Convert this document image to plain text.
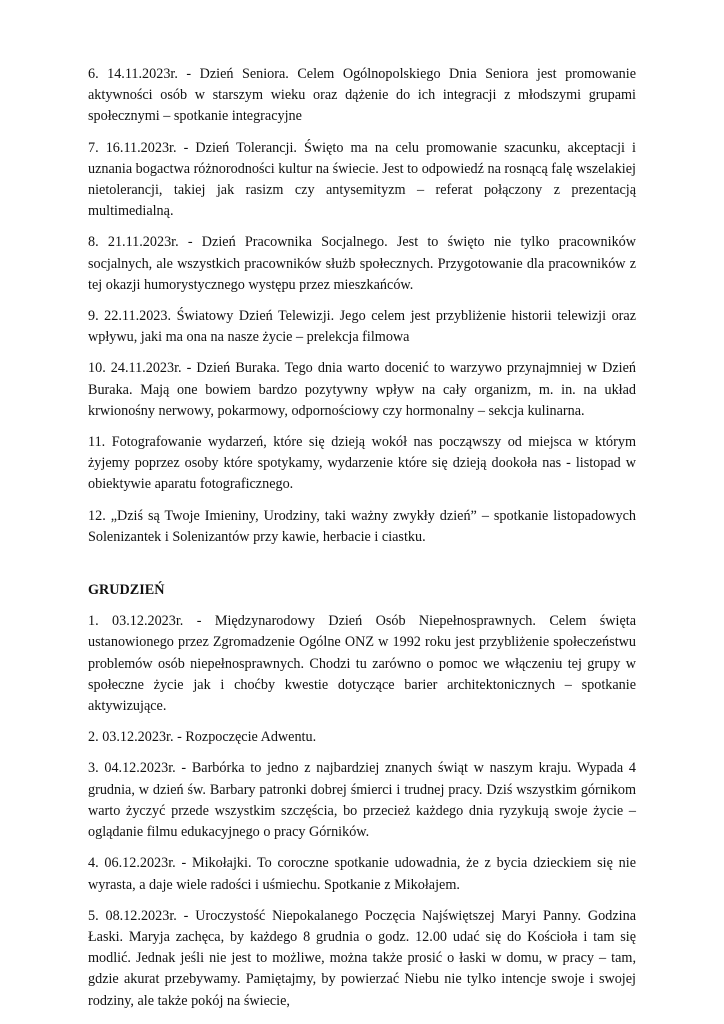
6. 14.11.2023r. - Dzień Seniora. Celem Ogólnopolskiego Dnia Seniora jest promowanie aktywności osób w starszym wieku oraz dążenie do ich integracji z młodszymi grupami społecznymi – spotkanie integracyjne

7. 16.11.2023r. - Dzień Tolerancji. Święto ma na celu promowanie szacunku, akceptacji i uznania bogactwa różnorodności kultur na świecie. Jest to odpowiedź na rosnącą falę wszelakiej nietolerancji, takiej jak rasizm czy antysemityzm – referat połączony z prezentacją multimedialną.

8. 21.11.2023r. - Dzień Pracownika Socjalnego. Jest to święto nie tylko pracowników socjalnych, ale wszystkich pracowników służb społecznych. Przygotowanie dla pracowników z tej okazji humorystycznego występu przez mieszkańców.

9. 22.11.2023. Światowy Dzień Telewizji. Jego celem jest przybliżenie historii telewizji oraz wpływu, jaki ma ona na nasze życie – prelekcja filmowa

10. 24.11.2023r. - Dzień Buraka. Tego dnia warto docenić to warzywo przynajmniej w Dzień Buraka. Mają one bowiem bardzo pozytywny wpływ na cały organizm, m. in. na układ krwionośny nerwowy, pokarmowy, odpornościowy czy hormonalny – sekcja kulinarna.

11. Fotografowanie wydarzeń, które się dzieją wokół nas począwszy od miejsca w którym żyjemy poprzez osoby które spotykamy, wydarzenie które się dzieją dookoła nas - listopad w obiektywie aparatu fotograficznego.

12. „Dziś są Twoje Imieniny, Urodziny, taki ważny zwykły dzień” – spotkanie listopadowych Solenizantek i Solenizantów przy kawie, herbacie i ciastku.

GRUDZIEŃ

1. 03.12.2023r. - Międzynarodowy Dzień Osób Niepełnosprawnych. Celem święta ustanowionego przez Zgromadzenie Ogólne ONZ w 1992 roku jest przybliżenie społeczeństwu problemów osób niepełnosprawnych. Chodzi tu zarówno o pomoc we włączeniu tej grupy w społeczne życie jak i choćby kwestie dotyczące barier architektonicznych – spotkanie aktywizujące.

2. 03.12.2023r. - Rozpoczęcie Adwentu.

3. 04.12.2023r. - Barbórka to jedno z najbardziej znanych świąt w naszym kraju. Wypada 4 grudnia, w dzień św. Barbary patronki dobrej śmierci i trudnej pracy. Dziś wszystkim górnikom warto życzyć przede wszystkim szczęścia, bo przecież każdego dnia ryzykują swoje życie – oglądanie filmu edukacyjnego o pracy Górników.

4. 06.12.2023r. - Mikołajki. To coroczne spotkanie udowadnia, że z bycia dzieckiem się nie wyrasta, a daje wiele radości i uśmiechu. Spotkanie z Mikołajem.

5. 08.12.2023r. - Uroczystość Niepokalanego Poczęcia Najświętszej Maryi Panny. Godzina Łaski. Maryja zachęca, by każdego 8 grudnia o godz. 12.00 udać się do Kościoła i tam się modlić. Jednak jeśli nie jest to możliwe, można także prosić o łaski w domu, w pracy – tam, gdzie akurat przebywamy. Pamiętajmy, by powierzać Niebu nie tylko intencje swoje i swojej rodziny, ale także pokój na świecie,
